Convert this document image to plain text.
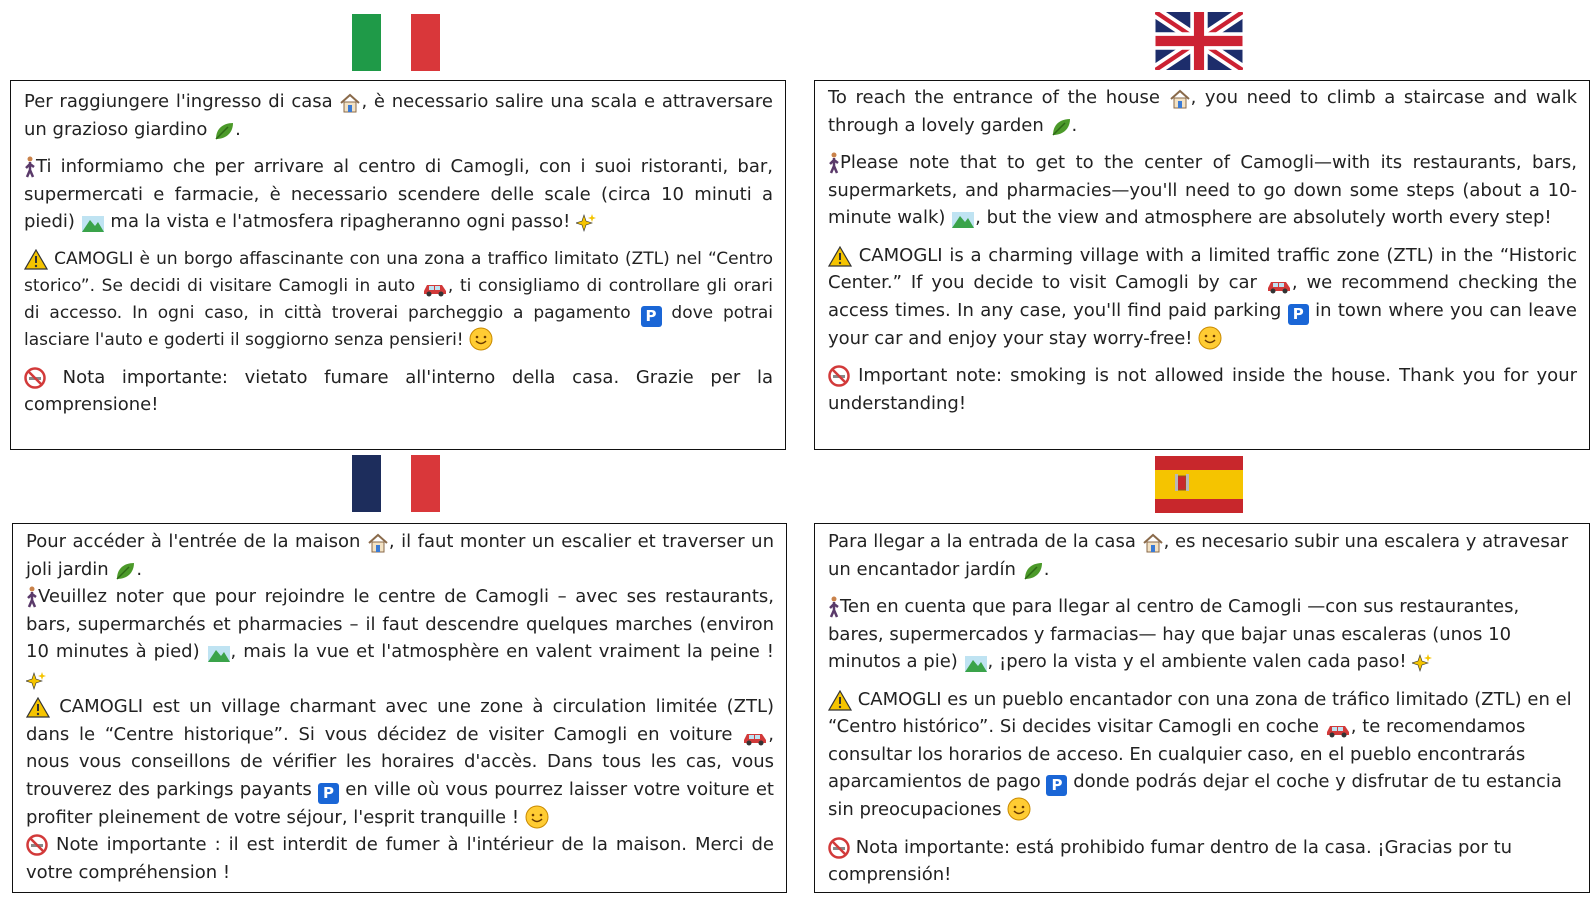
Per raggiungere l'ingresso di casa , è necessario salire una scala e attraversare un grazioso giardino .

Ti informiamo che per arrivare al centro di Camogli, con i suoi ristoranti, bar, supermercati e farmacie, è necessario scendere delle scale (circa 10 minuti a piedi)  ma la vista e l'atmosfera ripagheranno ogni passo!

CAMOGLI è un borgo affascinante con una zona a traffico limitato (ZTL) nel “Centro storico”. Se decidi di visitare Camogli in auto , ti consigliamo di controllare gli orari di accesso. In ogni caso, in città troverai parcheggio a pagamento P dove potrai lasciare l'auto e goderti il soggiorno senza pensieri!

Nota importante: vietato fumare all'interno della casa. Grazie per la comprensione!

To reach the entrance of the house , you need to climb a staircase and walk through a lovely garden .

Please note that to get to the center of Camogli—with its restaurants, bars, supermarkets, and pharmacies—you'll need to go down some steps (about a 10-minute walk) , but the view and atmosphere are absolutely worth every step!

CAMOGLI is a charming village with a limited traffic zone (ZTL) in the “Historic Center.” If you decide to visit Camogli by car , we recommend checking the access times. In any case, you'll find paid parking P in town where you can leave your car and enjoy your stay worry-free!

Important note: smoking is not allowed inside the house. Thank you for your understanding!

Pour accéder à l'entrée de la maison , il faut monter un escalier et traverser un joli jardin .

Veuillez noter que pour rejoindre le centre de Camogli – avec ses restaurants, bars, supermarchés et pharmacies – il faut descendre quelques marches (environ 10 minutes à pied) , mais la vue et l'atmosphère en valent vraiment la peine !

CAMOGLI est un village charmant avec une zone à circulation limitée (ZTL) dans le “Centre historique”. Si vous décidez de visiter Camogli en voiture , nous vous conseillons de vérifier les horaires d'accès. Dans tous les cas, vous trouverez des parkings payants P en ville où vous pourrez laisser votre voiture et profiter pleinement de votre séjour, l'esprit tranquille !

Note importante : il est interdit de fumer à l'intérieur de la maison. Merci de votre compréhension !

Para llegar a la entrada de la casa , es necesario subir una escalera y atravesar un encantador jardín .

Ten en cuenta que para llegar al centro de Camogli —con sus restaurantes, bares, supermercados y farmacias— hay que bajar unas escaleras (unos 10 minutos a pie) , ¡pero la vista y el ambiente valen cada paso!

CAMOGLI es un pueblo encantador con una zona de tráfico limitado (ZTL) en el “Centro histórico”. Si decides visitar Camogli en coche , te recomendamos consultar los horarios de acceso. En cualquier caso, en el pueblo encontrarás aparcamientos de pago P donde podrás dejar el coche y disfrutar de tu estancia sin preocupaciones

Nota importante: está prohibido fumar dentro de la casa. ¡Gracias por tu comprensión!
